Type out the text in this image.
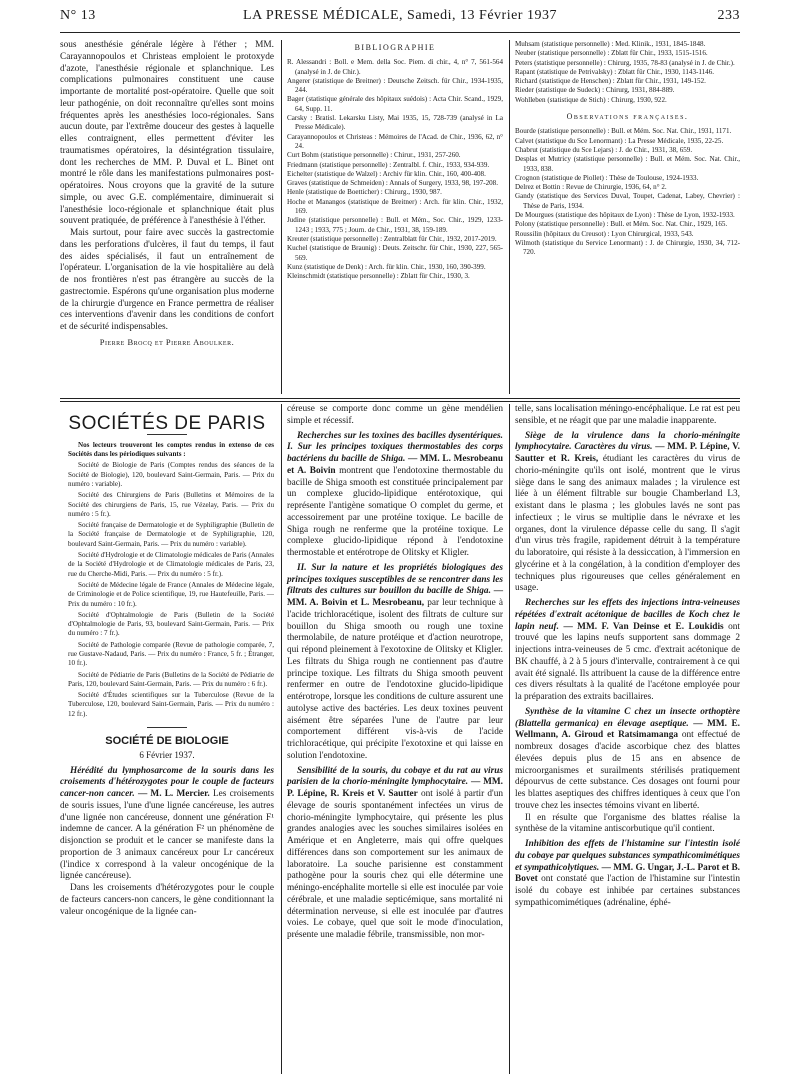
N° 13	LA PRESSE MÉDICALE, Samedi, 13 Février 1937	233

sous anesthésie générale légère à l'éther ; MM. Carayannopoulos et Christeas emploient le protoxyde d'azote, l'anesthésie régionale et splanchnique. Les complications pulmonaires constituent une cause importante de mortalité post-opératoire. Quelle que soit leur pathogénie, on doit reconnaître qu'elles sont moins fréquentes après les anesthésies loco-régionales. Sans aucun doute, par l'extrême douceur des gestes à laquelle elles contraignent, elles permettent d'éviter les traumatismes opératoires, la désintégration tissulaire, dont les recherches de MM. P. Duval et L. Binet ont montré le rôle dans les manifestations pulmonaires post-opératoires. Nous croyons que la gravité de la suture simple, ou avec G.E. complémentaire, diminuerait si l'anesthésie loco-régionale et splanchnique était plus souvent pratiquée, de préférence à l'anesthésie à l'éther.

Mais surtout, pour faire avec succès la gastrectomie dans les perforations d'ulcères, il faut du temps, il faut des aides spécialisés, il faut un entraînement de l'opérateur. L'organisation de la vie hospitalière au delà de nos frontières n'est pas étrangère au succès de la gastrectomie. Espérons qu'une organisation plus moderne de la chirurgie d'urgence en France permettra de réaliser ces interventions d'avenir dans les conditions de confort et de sécurité indispensables.

Pierre Brocq et Pierre Aboulker.

BIBLIOGRAPHIE

R. Alessandri : Boll. e Mem. della Soc. Piem. di chir., 4, n° 7, 561-564 (analysé in J. de Chir.).

Angerer (statistique de Breitner) : Deutsche Zeitsch. für Chir., 1934-1935, 244.

Bager (statistique générale des hôpitaux suédois) : Acta Chir. Scand., 1929, 64, Supp. 11.

Carsky : Bratisl. Lekarsku Listy, Mai 1935, 15, 728-739 (analysé in La Presse Médicale).

Carayannopoulos et Christeas : Mémoires de l'Acad. de Chir., 1936, 62, n° 24.

Curt Bohm (statistique personnelle) : Chirur., 1931, 257-260.

Friedmann (statistique personnelle) : Zentralbl. f. Chir., 1933, 934-939.

Eichelter (statistique de Walzel) : Archiv für klin. Chir., 160, 400-408.

Graves (statistique de Schmeiden) : Annals of Surgery, 1933, 98, 197-208.

Henle (statistique de Boetticher) : Chirurg., 1930, 987.

Hoche et Manangos (statistique de Breitner) : Arch. für klin. Chir., 1932, 169.

Judine (statistique personnelle) : Bull. et Mém., Soc. Chir., 1929, 1233-1243 ; 1933, 775 ; Journ. de Chir., 1931, 38, 159-189.

Kreuter (statistique personnelle) : Zentralblatt für Chir., 1932, 2017-2019.

Kuchel (statistique de Braunig) : Deuts. Zeitschr. für Chir., 1930, 227, 565-569.

Kunz (statistique de Denk) : Arch. für klin. Chir., 1930, 160, 390-399.

Kleinschmidt (statistique personnelle) : Zblatt für Chir., 1930, 3.

Muhsam (statistique personnelle) : Med. Klinik., 1931, 1845-1848.

Neuber (statistique personnelle) : Zblatt für Chir., 1933, 1515-1516.

Peters (statistique personnelle) : Chirurg, 1935, 78-83 (analysé in J. de Chir.).

Rapant (statistique de Petrivalsky) : Zblatt für Chir., 1930, 1143-1146.

Richard (statistique de Henschen) : Zblatt für Chir., 1931, 149-152.

Rieder (statistique de Sudeck) : Chirurg, 1931, 884-889.

Wohlleben (statistique de Stich) : Chirurg, 1930, 922.

Observations françaises.

Bourde (statistique personnelle) : Bull. et Mém. Soc. Nat. Chir., 1931, 1171.

Calvet (statistique du Sce Lenormant) : La Presse Médicale, 1935, 22-25.

Chabrut (statistique du Sce Lejars) : J. de Chir., 1931, 38, 659.

Desplas et Mutricy (statistique personnelle) : Bull. et Mém. Soc. Nat. Chir., 1933, 838.

Crognon (statistique de Piollet) : Thèse de Toulouse, 1924-1933.

Delrez et Bottin : Revue de Chirurgie, 1936, 64, n° 2.

Gandy (statistique des Services Duval, Toupet, Cadenat, Labey, Chevrier) : Thèse de Paris, 1934.

De Mourgues (statistique des hôpitaux de Lyon) : Thèse de Lyon, 1932-1933.

Polony (statistique personnelle) : Bull. et Mém. Soc. Nat. Chir., 1929, 165.

Roussilin (hôpitaux du Creusot) : Lyon Chirurgical, 1933, 543.

Wilmoth (statistique du Service Lenormant) : J. de Chirurgie, 1930, 34, 712-720.

SOCIÉTÉS DE PARIS

Nos lecteurs trouveront les comptes rendus in extenso de ces Sociétés dans les périodiques suivants :

Société de Biologie de Paris (Comptes rendus des séances de la Société de Biologie), 120, boulevard Saint-Germain, Paris. — Prix du numéro : variable).

Société des Chirurgiens de Paris (Bulletins et Mémoires de la Société des chirurgiens de Paris, 15, rue Vézelay, Paris. — Prix du numéro : 5 fr.).

Société française de Dermatologie et de Syphiligraphie (Bulletin de la Société française de Dermatologie et de Syphiligraphie, 120, boulevard Saint-Germain, Paris. — Prix du numéro : variable).

Société d'Hydrologie et de Climatologie médicales de Paris (Annales de la Société d'Hydrologie et de Climatologie médicales de Paris, 23, rue du Cherche-Midi, Paris. — Prix du numéro : 5 fr.).

Société de Médecine légale de France (Annales de Médecine légale, de Criminologie et de Police scientifique, 19, rue Hautefeuille, Paris. — Prix du numéro : 10 fr.).

Société d'Ophtalmologie de Paris (Bulletin de la Société d'Ophtalmologie de Paris, 93, boulevard Saint-Germain, Paris. — Prix du numéro : 7 fr.).

Société de Pathologie comparée (Revue de pathologie comparée, 7, rue Gustave-Nadaud, Paris. — Prix du numéro : France, 5 fr. ; Étranger, 10 fr.).

Société de Pédiatrie de Paris (Bulletins de la Société de Pédiatrie de Paris, 120, boulevard Saint-Germain, Paris. — Prix du numéro : 6 fr.).

Société d'Études scientifiques sur la Tuberculose (Revue de la Tuberculose, 120, boulevard Saint-Germain, Paris. — Prix du numéro : 12 fr.).

SOCIÉTÉ DE BIOLOGIE
6 Février 1937.

Hérédité du lymphosarcome de la souris dans les croisements d'hétérozygotes pour le couple de facteurs cancer-non cancer. — M. L. Mercier. Les croisements de souris issues, l'une d'une lignée cancéreuse, les autres d'une lignée non cancéreuse, donnent une génération F¹ indemne de cancer. A la génération F² un phénomène de disjonction se produit et le cancer se manifeste dans la proportion de 3 animaux cancéreux pour Lr cancéreux (l'indice x correspond à la valeur oncogénique de la lignée cancéreuse).

Dans les croisements d'hétérozygotes pour le couple de facteurs cancers-non cancers, le gène conditionnant la valeur oncogénique de la lignée can-

céreuse se comporte donc comme un gène mendélien simple et récessif.

Recherches sur les toxines des bacilles dysentériques. I. Sur les principes toxiques thermostables des corps bactériens du bacille de Shiga. — MM. L. Mesrobeanu et A. Boivin montrent que l'endotoxine thermostable du bacille de Shiga smooth est constituée principalement par un complexe glucido-lipidique entérotoxique, qui représente l'antigène somatique O complet du germe, et accessoirement par une protéine toxique. Le bacille de Shiga rough ne renferme que la protéine toxique. Le complexe glucido-lipidique répond à l'endotoxine thermostable et entérotrope de Olitsky et Kligler.

II. Sur la nature et les propriétés biologiques des principes toxiques susceptibles de se rencontrer dans les filtrats des cultures sur bouillon du bacille de Shiga. — MM. A. Boivin et L. Mesrobeanu, par leur technique à l'acide trichloracétique, isolent des filtrats de culture sur bouillon du Shiga smooth ou rough une toxine thermolabile, de nature protéique et d'action neurotrope, qui répond pleinement à l'exotoxine de Olitsky et Kligler. Les filtrats du Shiga rough ne contiennent pas d'autre principe toxique. Les filtrats du Shiga smooth peuvent renfermer en outre de l'endotoxine glucido-lipidique entérotrope, lorsque les conditions de culture assurent une autolyse active des bactéries. Les deux toxines peuvent aisément être séparées l'une de l'autre par leur comportement différent vis-à-vis de l'acide trichloracétique, qui précipite l'exotoxine et qui laisse en solution l'endotoxine.

Sensibilité de la souris, du cobaye et du rat au virus parisien de la chorio-méningite lymphocytaire. — MM. P. Lépine, R. Kreis et V. Sautter ont isolé à partir d'un élevage de souris spontanément infectées un virus de chorio-méningite lymphocytaire, qui présente les plus grandes analogies avec les souches similaires isolées en Amérique et en Angleterre, mais qui offre quelques différences dans son comportement sur les animaux de laboratoire. La souche parisienne est constamment pathogène pour la souris chez qui elle détermine une méningo-encéphalite mortelle si elle est inoculée par voie cérébrale, et une maladie septicémique, sans mortalité ni détermination nerveuse, si elle est inoculée par d'autres voies. Le cobaye, quel que soit le mode d'inoculation, présente une maladie fébrile, transmissible, non mor-

telle, sans localisation méningo-encéphalique. Le rat est peu sensible, et ne réagit que par une maladie inapparente.

Siège de la virulence dans la chorio-méningite lymphocytaire. Caractères du virus. — MM. P. Lépine, V. Sautter et R. Kreis, étudiant les caractères du virus de chorio-méningite qu'ils ont isolé, montrent que le virus siège dans le sang des animaux malades ; la virulence est liée à un élément filtrable sur bougie Chamberland L3, existant dans le plasma ; les globules lavés ne sont pas infectieux ; le virus se multiplie dans le névraxe et les organes, dont la virulence dépasse celle du sang. Il s'agit d'un virus très fragile, rapidement détruit à la température du laboratoire, qui résiste à la dessiccation, à l'immersion en glycérine et à la congélation, à la condition d'employer des techniques plus rigoureuses que celles généralement en usage.

Recherches sur les effets des injections intra-veineuses répétées d'extrait acétonique de bacilles de Koch chez le lapin neuf. — MM. F. Van Deinse et E. Loukidis ont trouvé que les lapins neufs supportent sans dommage 2 injections intra-veineuses de 5 cmc. d'extrait acétonique de BK chauffé, à 2 à 5 jours d'intervalle, contrairement à ce qui avait été signalé. Ils attribuent la cause de la différence entre ces divers résultats à la qualité de l'acétone employée pour la préparation des extraits bacillaires.

Synthèse de la vitamine C chez un insecte orthoptère (Blattella germanica) en élevage aseptique. — MM. E. Wellmann, A. Giroud et Ratsimamanga ont effectué de nombreux dosages d'acide ascorbique chez des blattes élevées depuis plus de 15 ans en absence de microorganismes et surailments stérilisés pratiquement dépourvus de cette substance. Ces dosages ont fourni pour les blattes aseptiques des chiffres identiques à ceux que l'on trouve chez les insectes témoins vivant en liberté.

Il en résulte que l'organisme des blattes réalise la synthèse de la vitamine antiscorbutique qu'il contient.

Inhibition des effets de l'histamine sur l'intestin isolé du cobaye par quelques substances sympathicomimétiques et sympathicolytiques. — MM. G. Ungar, J.-L. Parot et B. Bovet ont constaté que l'action de l'histamine sur l'intestin isolé du cobaye est inhibée par certaines substances sympathicomimétiques (adrénaline, éphé-
